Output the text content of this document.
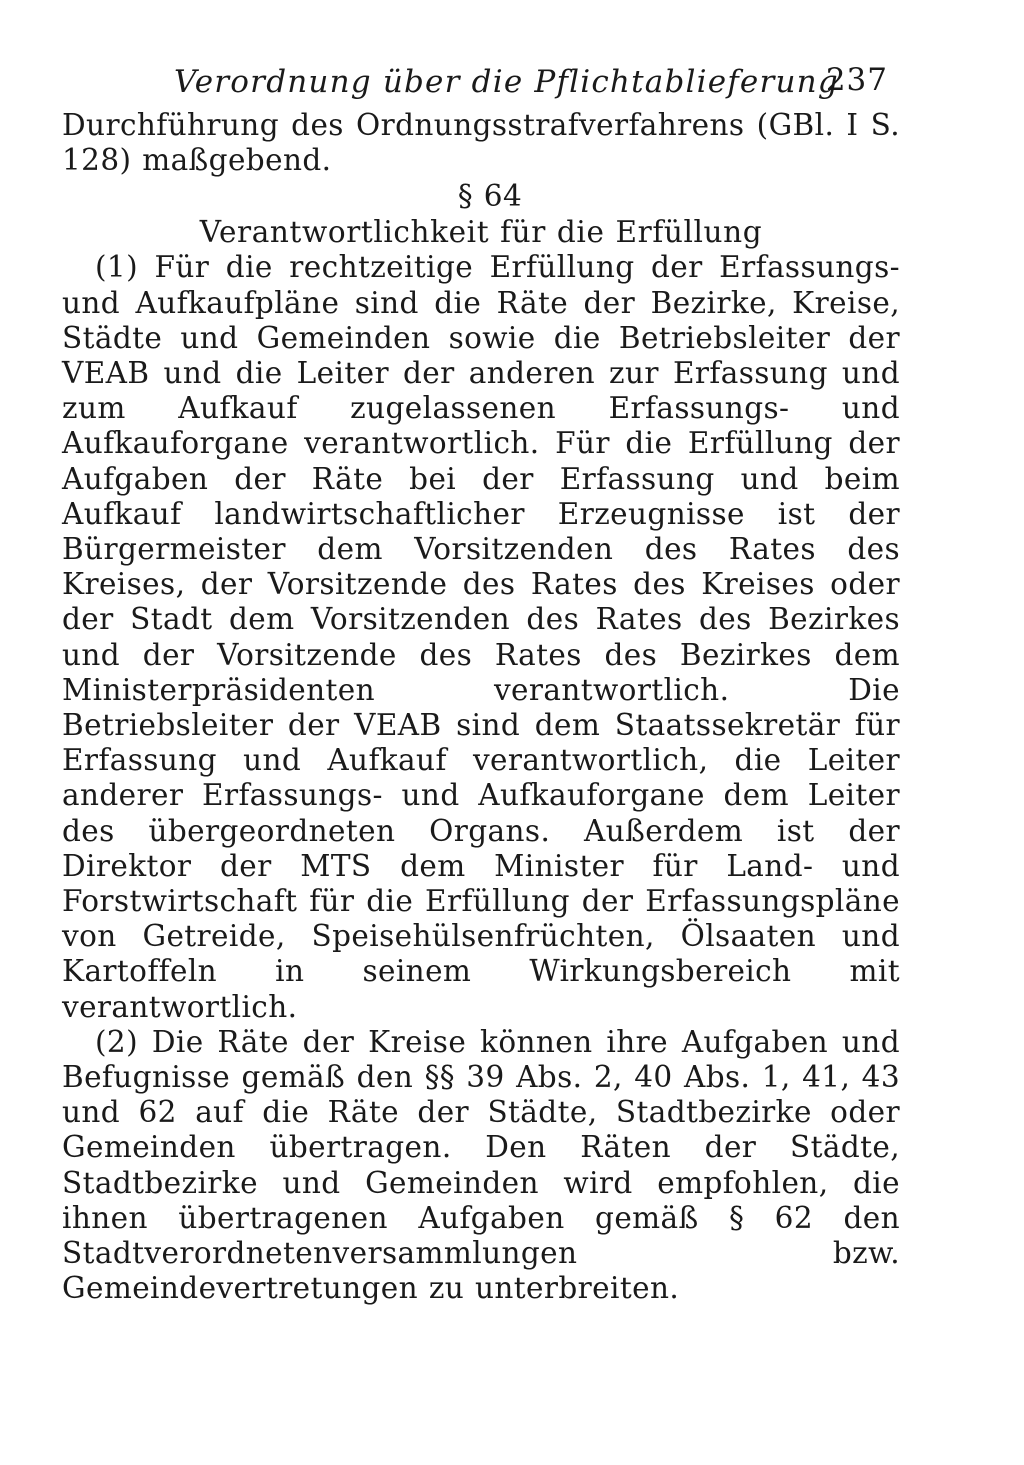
Verordnung über die Pflichtablieferung
237

Durchführung des Ordnungsstrafverfahrens (GBl. I S. 128) maßgebend.

§ 64

Verantwortlichkeit für die Erfüllung

(1) Für die rechtzeitige Erfüllung der Erfassungs- und Aufkaufpläne sind die Räte der Bezirke, Kreise, Städte und Gemeinden sowie die Betriebsleiter der VEAB und die Leiter der anderen zur Erfassung und zum Aufkauf zugelassenen Erfassungs- und Aufkauforgane verantwortlich. Für die Erfüllung der Aufgaben der Räte bei der Erfassung und beim Aufkauf landwirtschaftlicher Erzeugnisse ist der Bürgermeister dem Vorsitzenden des Rates des Kreises, der Vorsitzende des Rates des Kreises oder der Stadt dem Vorsitzenden des Rates des Bezirkes und der Vorsitzende des Rates des Bezirkes dem Ministerpräsidenten verantwortlich. Die Betriebsleiter der VEAB sind dem Staatssekretär für Erfassung und Aufkauf verantwortlich, die Leiter anderer Erfassungs- und Aufkauforgane dem Leiter des übergeordneten Organs. Außerdem ist der Direktor der MTS dem Minister für Land- und Forstwirtschaft für die Erfüllung der Erfassungspläne von Getreide, Speisehülsenfrüchten, Ölsaaten und Kartoffeln in seinem Wirkungsbereich mit verantwortlich.

(2) Die Räte der Kreise können ihre Aufgaben und Befugnisse gemäß den §§ 39 Abs. 2, 40 Abs. 1, 41, 43 und 62 auf die Räte der Städte, Stadtbezirke oder Gemeinden übertragen. Den Räten der Städte, Stadtbezirke und Gemeinden wird empfohlen, die ihnen übertragenen Aufgaben gemäß § 62 den Stadtverordnetenversammlungen bzw. Gemeindevertretungen zu unterbreiten.
